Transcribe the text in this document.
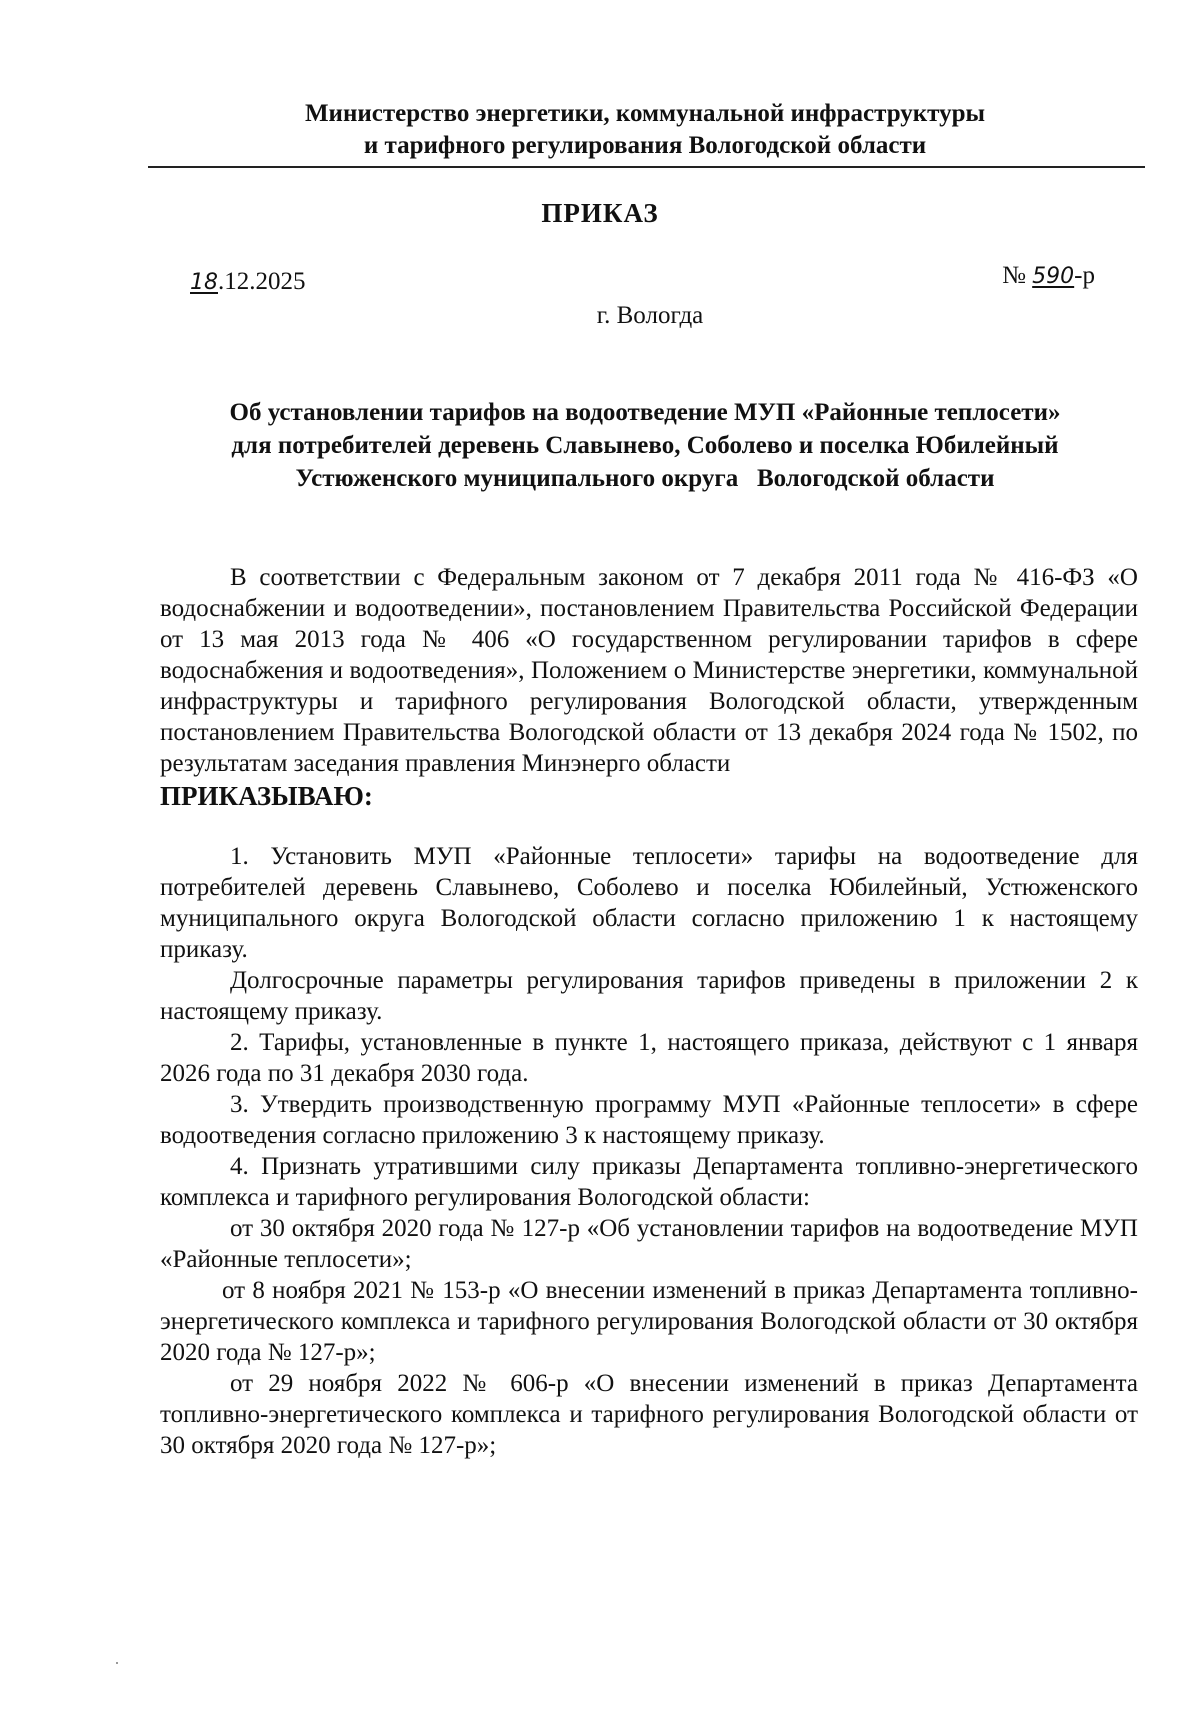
Министерство энергетики, коммунальной инфраструктуры
и тарифного регулирования Вологодской области
ПРИКАЗ
18.12.2025	№ 590-р
г. Вологда
Об установлении тарифов на водоотведение МУП «Районные теплосети»
для потребителей деревень Славынево, Соболево и поселка Юбилейный
Устюженского муниципального округа   Вологодской области

В соответствии с Федеральным законом от 7 декабря 2011 года № 416-ФЗ «О водоснабжении и водоотведении», постановлением Правительства Российской Федерации от 13 мая 2013 года № 406 «О государственном регулировании тарифов в сфере водоснабжения и водоотведения», Положением о Министерстве энергетики, коммунальной инфраструктуры и тарифного регулирования Вологодской области, утвержденным постановлением Правительства Вологодской области от 13 декабря 2024 года № 1502, по результатам заседания правления Минэнерго области

ПРИКАЗЫВАЮ:

1. Установить МУП «Районные теплосети» тарифы на водоотведение для потребителей деревень Славынево, Соболево и поселка Юбилейный, Устюженского муниципального округа Вологодской области согласно приложению 1 к настоящему приказу.

Долгосрочные параметры регулирования тарифов приведены в приложении 2 к настоящему приказу.

2. Тарифы, установленные в пункте 1, настоящего приказа, действуют с 1 января 2026 года по 31 декабря 2030 года.

3. Утвердить производственную программу МУП «Районные теплосети» в сфере водоотведения согласно приложению 3 к настоящему приказу.

4. Признать утратившими силу приказы Департамента топливно-энергетического комплекса и тарифного регулирования Вологодской области:

от 30 октября 2020 года № 127-р «Об установлении тарифов на водоотведение МУП «Районные теплосети»;

от 8 ноября 2021 № 153-р «О внесении изменений в приказ Департамента топливно-энергетического комплекса и тарифного регулирования Вологодской области от 30 октября 2020 года № 127-р»;

от 29 ноября 2022 № 606-р «О внесении изменений в приказ Департамента топливно-энергетического комплекса и тарифного регулирования Вологодской области от 30 октября 2020 года № 127-р»;
